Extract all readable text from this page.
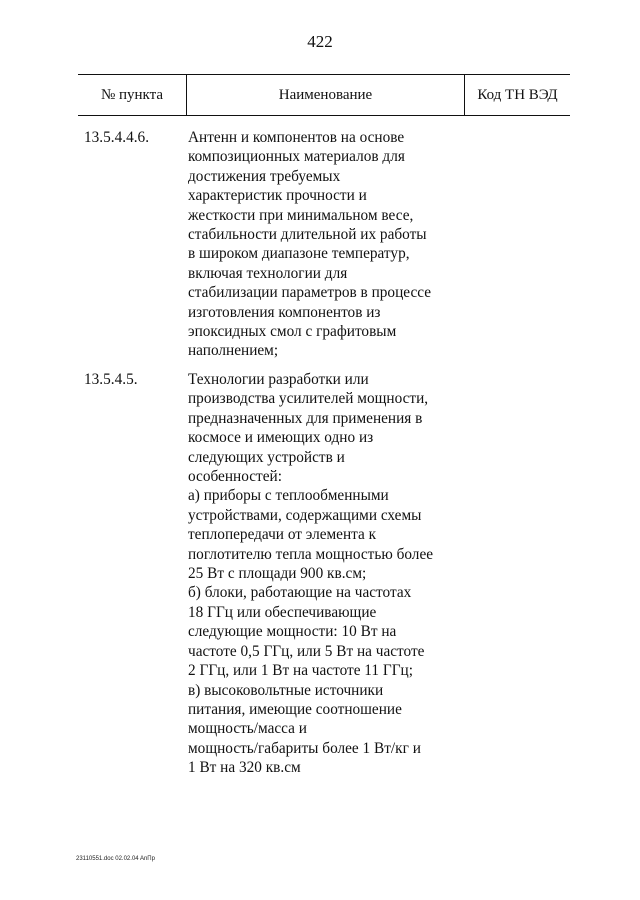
422
№ пункта	Наименование	Код ТН ВЭД
13.5.4.4.6.	Антенн и компонентов на основе
композиционных материалов для
достижения требуемых
характеристик прочности и
жесткости при минимальном весе,
стабильности длительной их работы
в широком диапазоне температур,
включая технологии для
стабилизации параметров в процессе
изготовления компонентов из
эпоксидных смол с графитовым
наполнением;
13.5.4.5.	Технологии разработки или
производства усилителей мощности,
предназначенных для применения в
космосе и имеющих одно из
следующих устройств и
особенностей:
а) приборы с теплообменными
устройствами, содержащими схемы
теплопередачи от элемента к
поглотителю тепла мощностью более
25 Вт с площади 900 кв.см;
б) блоки, работающие на частотах
18 ГГц или обеспечивающие
следующие мощности: 10 Вт на
частоте 0,5 ГГц, или 5 Вт на частоте
2 ГГц, или 1 Вт на частоте 11 ГГц;
в) высоковольтные источники
питания, имеющие соотношение
мощность/масса и
мощность/габариты более 1 Вт/кг и
1 Вт на 320 кв.см
23110551.doc 02.02.04 AnПр
